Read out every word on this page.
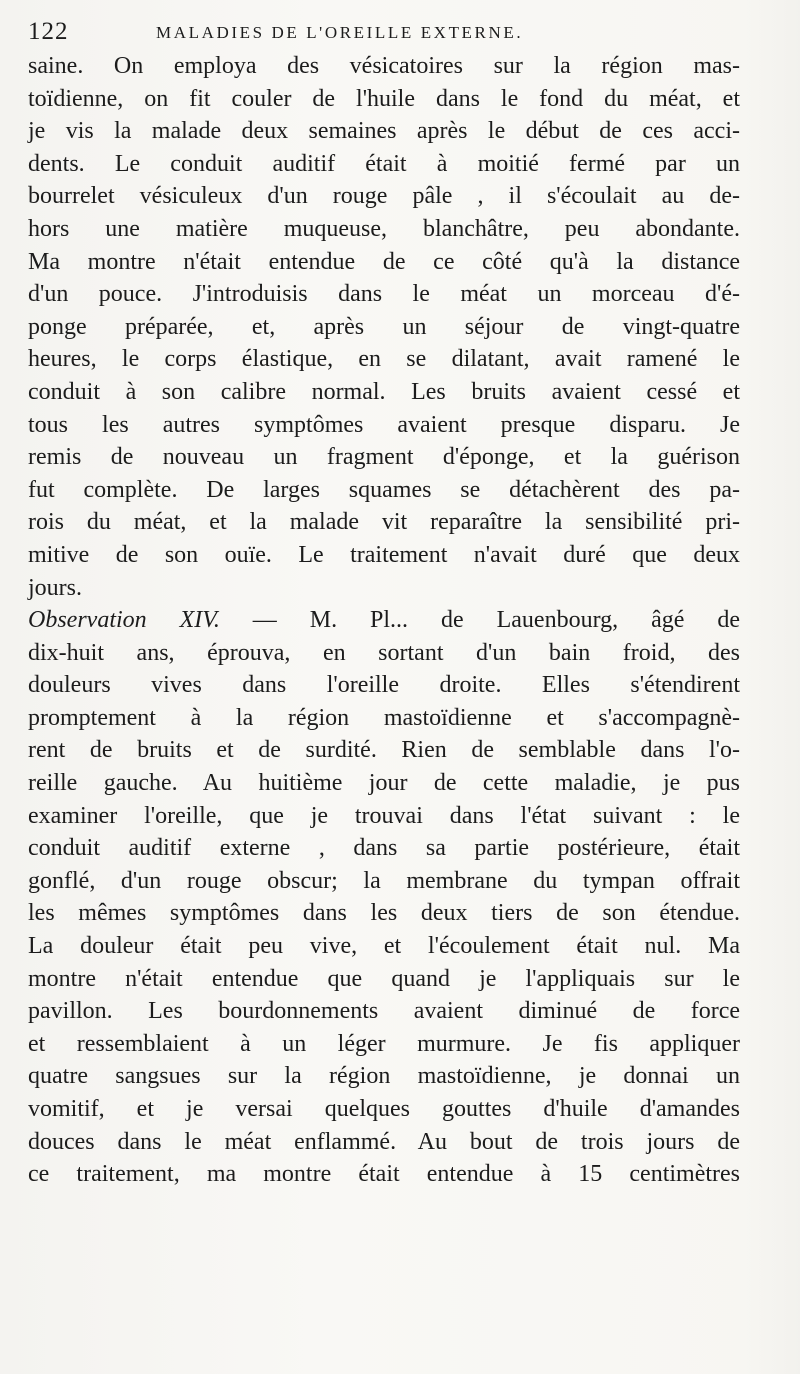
122	MALADIES DE L'OREILLE EXTERNE.
saine. On employa des vésicatoires sur la région mas-
toïdienne, on fit couler de l'huile dans le fond du méat, et
je vis la malade deux semaines après le début de ces acci-
dents. Le conduit auditif était à moitié fermé par un
bourrelet vésiculeux d'un rouge pâle , il s'écoulait au de-
hors une matière muqueuse, blanchâtre, peu abondante.
Ma montre n'était entendue de ce côté qu'à la distance
d'un pouce. J'introduisis dans le méat un morceau d'é-
ponge préparée, et, après un séjour de vingt-quatre
heures, le corps élastique, en se dilatant, avait ramené le
conduit à son calibre normal. Les bruits avaient cessé et
tous les autres symptômes avaient presque disparu. Je
remis de nouveau un fragment d'éponge, et la guérison
fut complète. De larges squames se détachèrent des pa-
rois du méat, et la malade vit reparaître la sensibilité pri-
mitive de son ouïe. Le traitement n'avait duré que deux
jours.
Observation XIV. — M. Pl... de Lauenbourg, âgé de
dix-huit ans, éprouva, en sortant d'un bain froid, des
douleurs vives dans l'oreille droite. Elles s'étendirent
promptement à la région mastoïdienne et s'accompagnè-
rent de bruits et de surdité. Rien de semblable dans l'o-
reille gauche. Au huitième jour de cette maladie, je pus
examiner l'oreille, que je trouvai dans l'état suivant : le
conduit auditif externe , dans sa partie postérieure, était
gonflé, d'un rouge obscur; la membrane du tympan offrait
les mêmes symptômes dans les deux tiers de son étendue.
La douleur était peu vive, et l'écoulement était nul. Ma
montre n'était entendue que quand je l'appliquais sur le
pavillon. Les bourdonnements avaient diminué de force
et ressemblaient à un léger murmure. Je fis appliquer
quatre sangsues sur la région mastoïdienne, je donnai un
vomitif, et je versai quelques gouttes d'huile d'amandes
douces dans le méat enflammé. Au bout de trois jours de
ce traitement, ma montre était entendue à 15 centimètres
